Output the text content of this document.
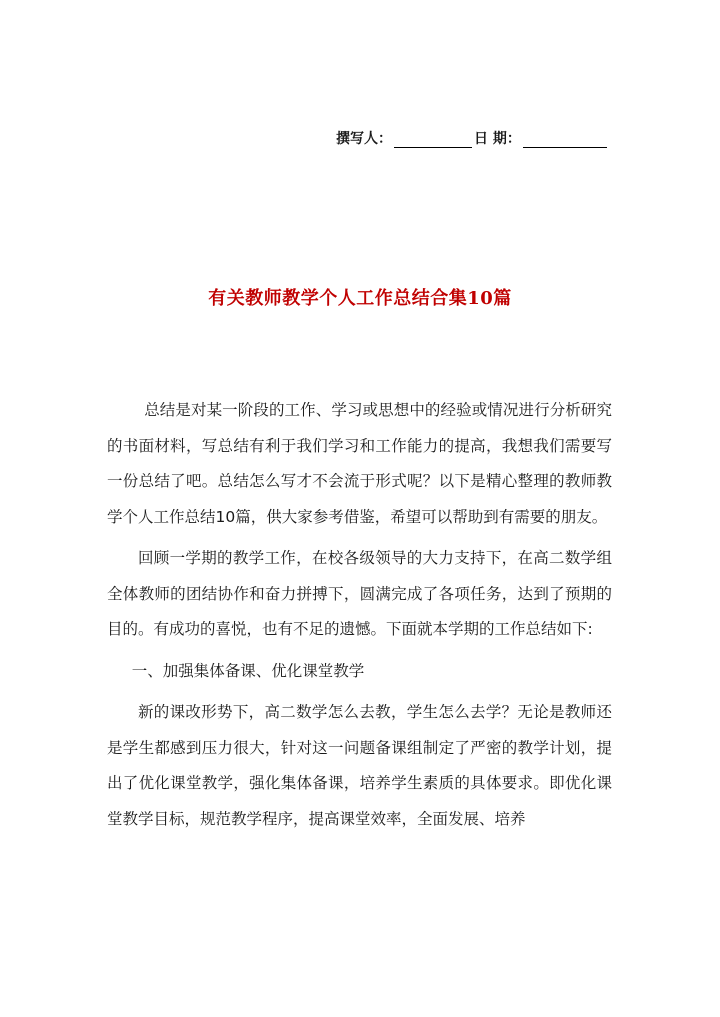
撰写人：	日 期：
有关教师教学个人工作总结合集10篇

总结是对某一阶段的工作、学习或思想中的经验或情况进行分析研究的书面材料，写总结有利于我们学习和工作能力的提高，我想我们需要写一份总结了吧。总结怎么写才不会流于形式呢？以下是精心整理的教师教学个人工作总结10篇，供大家参考借鉴，希望可以帮助到有需要的朋友。

回顾一学期的教学工作，在校各级领导的大力支持下，在高二数学组全体教师的团结协作和奋力拼搏下，圆满完成了各项任务，达到了预期的目的。有成功的喜悦，也有不足的遗憾。下面就本学期的工作总结如下:

一、加强集体备课、优化课堂教学

新的课改形势下，高二数学怎么去教，学生怎么去学？无论是教师还是学生都感到压力很大，针对这一问题备课组制定了严密的教学计划，提出了优化课堂教学，强化集体备课，培养学生素质的具体要求。即优化课堂教学目标，规范教学程序，提高课堂效率，全面发展、培养
